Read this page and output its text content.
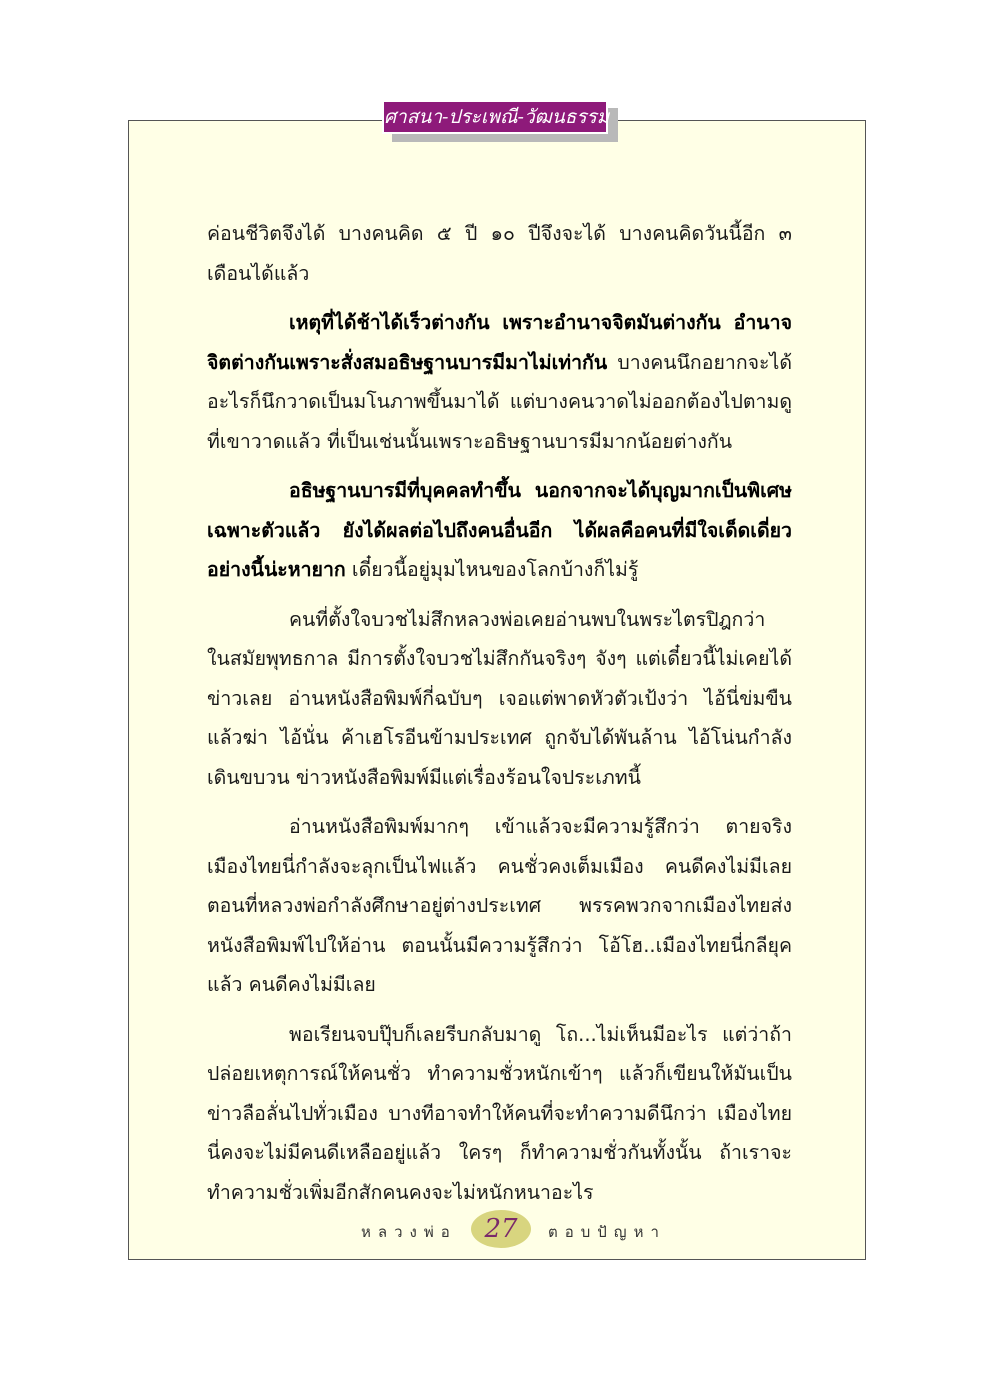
ศาสนา-ประเพณี-วัฒนธรรม

ค่อนชีวิตจึงได้ บางคนคิด ๕ ปี ๑๐ ปีจึงจะได้ บางคนคิดวันนี้อีก ๓ เดือนได้แล้ว

เหตุที่ได้ช้าได้เร็วต่างกัน เพราะอำนาจจิตมันต่างกัน อำนาจจิตต่างกันเพราะสั่งสมอธิษฐานบารมีมาไม่เท่ากัน บางคนนึกอยากจะได้อะไรก็นึกวาดเป็นมโนภาพขึ้นมาได้ แต่บางคนวาดไม่ออกต้องไปตามดูที่เขาวาดแล้ว ที่เป็นเช่นนั้นเพราะอธิษฐานบารมีมากน้อยต่างกัน

อธิษฐานบารมีที่บุคคลทำขึ้น นอกจากจะได้บุญมากเป็นพิเศษเฉพาะตัวแล้ว ยังได้ผลต่อไปถึงคนอื่นอีก ได้ผลคือคนที่มีใจเด็ดเดี่ยวอย่างนี้น่ะหายาก เดี๋ยวนี้อยู่มุมไหนของโลกบ้างก็ไม่รู้

คนที่ตั้งใจบวชไม่สึกหลวงพ่อเคยอ่านพบในพระไตรปิฎกว่า ในสมัยพุทธกาล มีการตั้งใจบวชไม่สึกกันจริงๆ จังๆ แต่เดี๋ยวนี้ไม่เคยได้ข่าวเลย อ่านหนังสือพิมพ์กี่ฉบับๆ เจอแต่พาดหัวตัวเป้งว่า ไอ้นี่ข่มขืนแล้วฆ่า ไอ้นั่น ค้าเฮโรอีนข้ามประเทศ ถูกจับได้พันล้าน ไอ้โน่นกำลังเดินขบวน ข่าวหนังสือพิมพ์มีแต่เรื่องร้อนใจประเภทนี้

อ่านหนังสือพิมพ์มากๆ เข้าแล้วจะมีความรู้สึกว่า ตายจริงเมืองไทยนี่กำลังจะลุกเป็นไฟแล้ว คนชั่วคงเต็มเมือง คนดีคงไม่มีเลย ตอนที่หลวงพ่อกำลังศึกษาอยู่ต่างประเทศ พรรคพวกจากเมืองไทยส่งหนังสือพิมพ์ไปให้อ่าน ตอนนั้นมีความรู้สึกว่า โอ้โฮ..เมืองไทยนี่กลียุคแล้ว คนดีคงไม่มีเลย

พอเรียนจบปุ๊บก็เลยรีบกลับมาดู โถ...ไม่เห็นมีอะไร แต่ว่าถ้าปล่อยเหตุการณ์ให้คนชั่ว ทำความชั่วหนักเข้าๆ แล้วก็เขียนให้มันเป็นข่าวลือลั่นไปทั่วเมือง บางทีอาจทำให้คนที่จะทำความดีนึกว่า เมืองไทยนี่คงจะไม่มีคนดีเหลืออยู่แล้ว ใครๆ ก็ทำความชั่วกันทั้งนั้น ถ้าเราจะทำความชั่วเพิ่มอีกสักคนคงจะไม่หนักหนาอะไร

หลวงพ่อ	27	ตอบปัญหา
